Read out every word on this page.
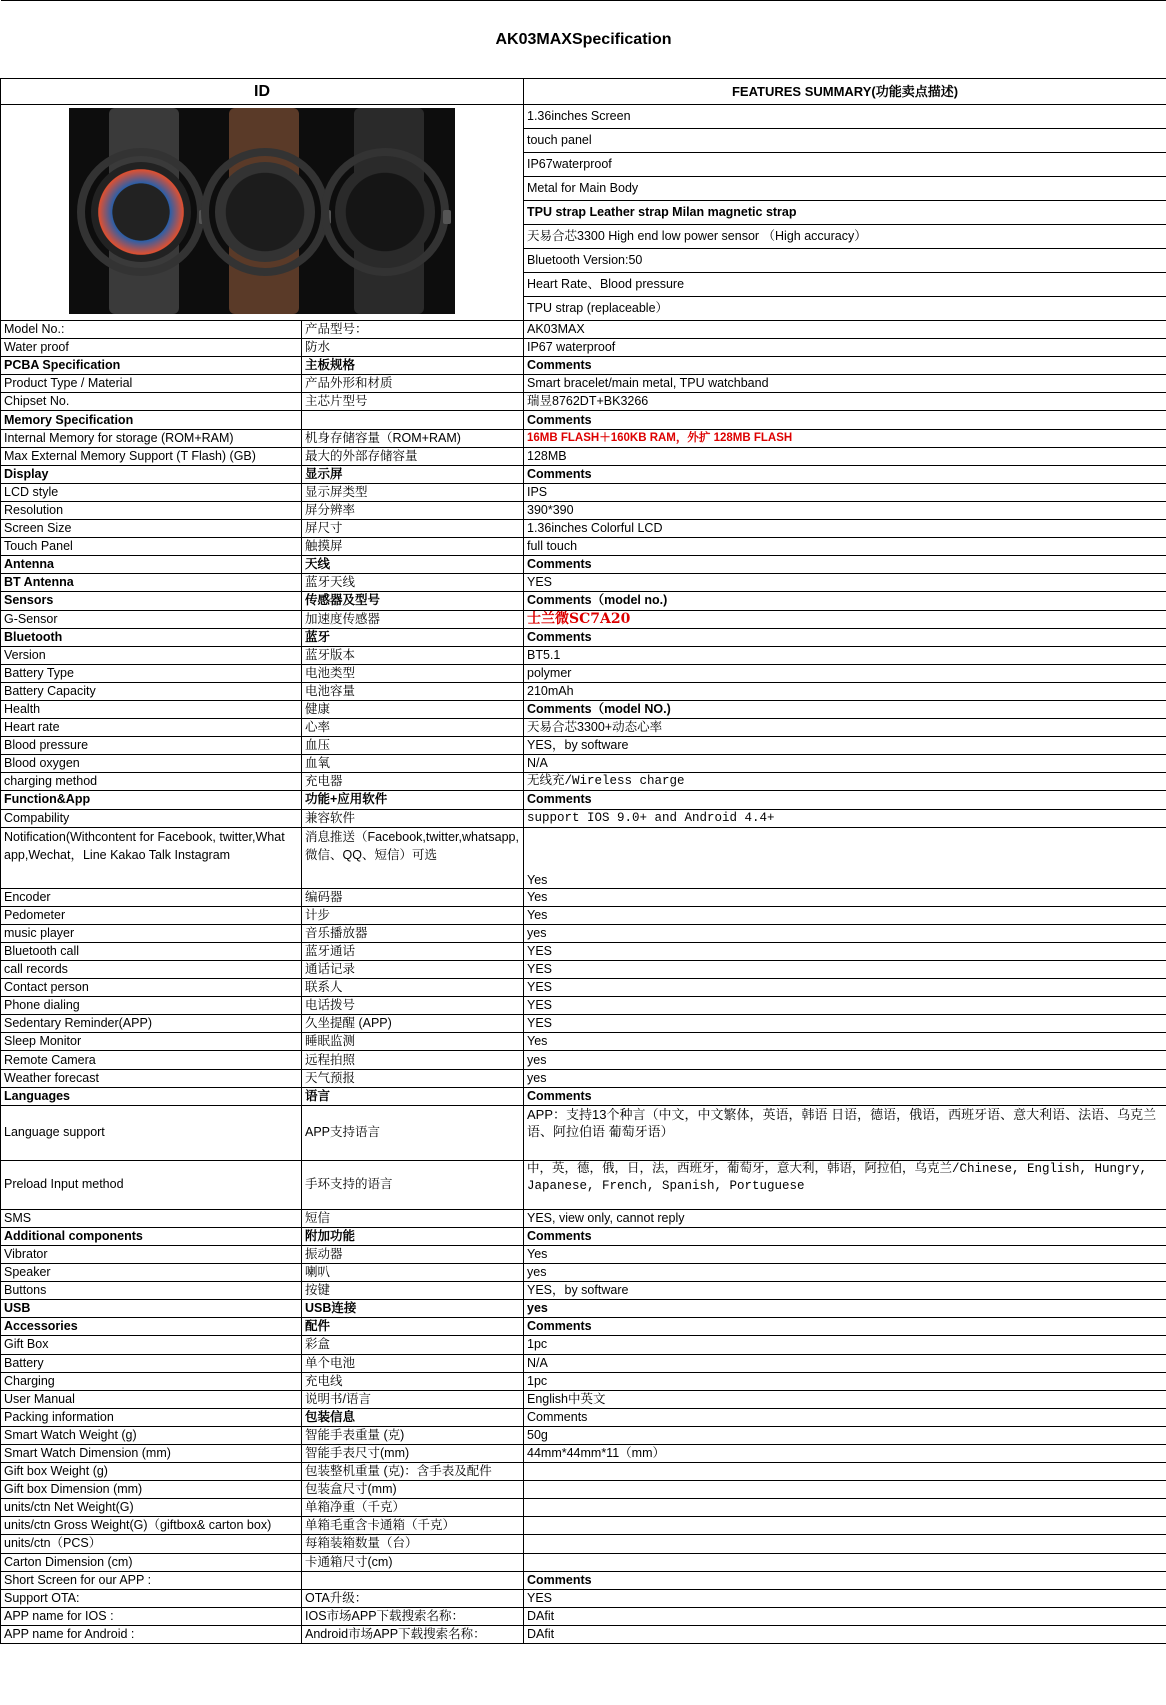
AK03MAXSpecification		
ID		FEATURES SUMMARY(功能卖点描述)

		1.36inches Screen
		touch panel
		IP67waterproof
		Metal for Main Body
		TPU strap Leather strap Milan magnetic strap
		天易合芯3300 High end low power sensor （High accuracy）
		Bluetooth Version:50
		Heart Rate、Blood pressure
		TPU strap (replaceable）
Model No.:	产品型号：	AK03MAX
Water proof	防水	IP67 waterproof
PCBA Specification	主板规格	Comments
Product Type / Material	产品外形和材质	Smart bracelet/main metal, TPU watchband
Chipset No.	主芯片型号	瑞昱8762DT+BK3266
Memory Specification		Comments
Internal Memory for storage (ROM+RAM)	机身存储容量（ROM+RAM)	16MB FLASH＋160KB RAM，外扩 128MB FLASH
Max External Memory Support (T Flash) (GB)	最大的外部存储容量	128MB
Display	显示屏	Comments
LCD style	显示屏类型	IPS
Resolution	屏分辨率	390*390
Screen Size	屏尺寸	1.36inches Colorful LCD
Touch Panel	触摸屏	full touch
Antenna	天线	Comments
BT Antenna	蓝牙天线	YES
Sensors	传感器及型号	Comments（model no.)
G-Sensor	加速度传感器	士兰微SC7A20
Bluetooth	蓝牙	Comments
Version	蓝牙版本	BT5.1
Battery Type	电池类型	polymer
Battery Capacity	电池容量	210mAh
Health	健康	Comments（model NO.)
Heart rate	心率	天易合芯3300+动态心率
Blood pressure	血压	YES，by software
Blood oxygen	血氧	N/A
charging method	充电器	无线充/Wireless charge
Function&App	功能+应用软件	Comments
Compability	兼容软件	support IOS 9.0+ and Android 4.4+
Notification(Withcontent for Facebook, twitter,What app,Wechat，Line Kakao Talk Instagram	消息推送（Facebook,twitter,whatsapp,微信、QQ、短信）可选	Yes
Encoder	编码器	Yes
Pedometer	计步	Yes
music player	音乐播放器	yes
Bluetooth call	蓝牙通话	YES
call records	通话记录	YES
Contact person	联系人	YES
Phone dialing	电话拨号	YES
Sedentary Reminder(APP)	久坐提醒 (APP)	YES
Sleep Monitor	睡眠监测	Yes
Remote Camera	远程拍照	yes
Weather forecast	天气预报	yes
Languages	语言	Comments
Language support	APP支持语言	APP：支持13个种言（中文，中文繁体，英语，韩语 日语，德语，俄语，西班牙语、意大利语、法语、乌克兰语、阿拉伯语 葡萄牙语）
Preload Input method	手环支持的语言	中，英，德，俄，日，法，西班牙，葡萄牙，意大利，韩语，阿拉伯，乌克兰/Chinese, English, Hungry, Japanese, French, Spanish, Portuguese
SMS	短信	YES, view only, cannot reply
Additional components	附加功能	Comments
Vibrator	振动器	Yes
Speaker	喇叭	yes
Buttons	按键	YES，by software
USB	USB连接	yes
Accessories	配件	Comments
Gift Box	彩盒	1pc
Battery	单个电池	N/A
Charging	充电线	1pc
User Manual	说明书/语言	English中英文
Packing information	包装信息	Comments
Smart Watch Weight (g)	智能手表重量 (克)	50g
Smart Watch Dimension (mm)	智能手表尺寸(mm)	44mm*44mm*11（mm）
Gift box Weight (g)	包装整机重量 (克)：含手表及配件	
Gift box Dimension (mm)	包装盒尺寸(mm)	
units/ctn Net Weight(G)	单箱净重（千克）	
units/ctn Gross Weight(G)（giftbox& carton box)	单箱毛重含卡通箱（千克）	
units/ctn（PCS）	每箱装箱数量（台）	
Carton Dimension (cm)	卡通箱尺寸(cm)	
Short Screen for our APP :		Comments
Support OTA:	OTA升级：	YES
APP name for IOS :	IOS市场APP下载搜索名称：	DAfit
APP name for Android :	Android市场APP下载搜索名称：	DAfit
